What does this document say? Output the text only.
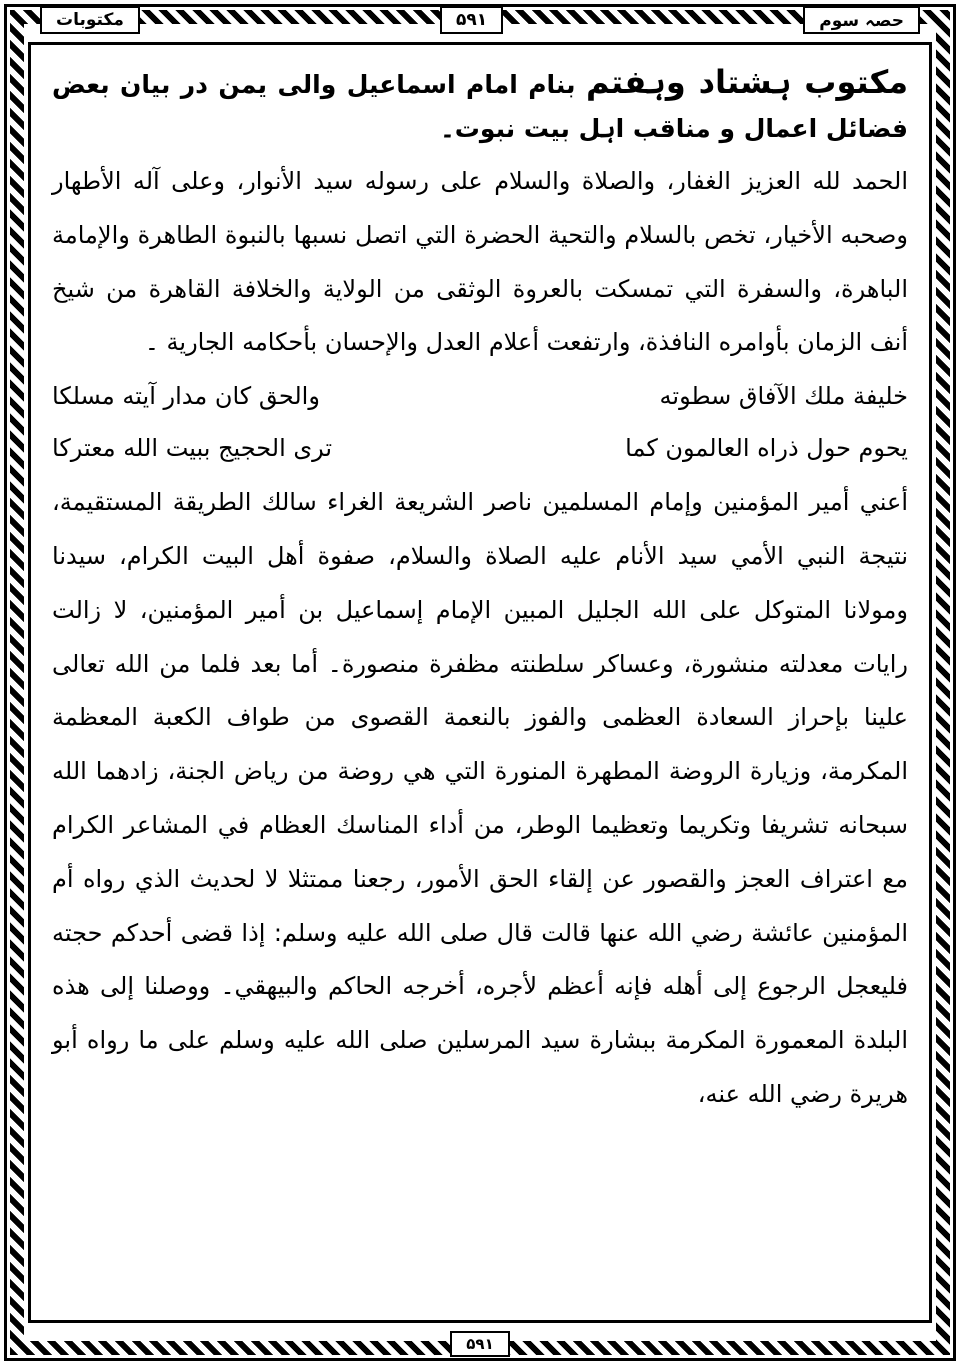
حصہ سوم
۵۹۱
مکتوبات

مکتوب ہشتاد وہفتم بنام امام اسماعیل والی یمن در بیان بعض فضائل اعمال و مناقب اہل بیت نبوت۔

الحمد لله العزيز الغفار، والصلاة والسلام على رسوله سيد الأنوار، وعلى آله الأطهار وصحبه الأخيار، تخص بالسلام والتحية الحضرة التي اتصل نسبها بالنبوة الطاهرة والإمامة الباهرة، والسفرة التي تمسكت بالعروة الوثقى من الولاية والخلافة القاهرة من شيخ أنف الزمان بأوامره النافذة، وارتفعت أعلام العدل والإحسان بأحكامه الجارية ۔

خليفة ملك الآفاق سطوته
والحق كان مدار آيته مسلكا
يحوم حول ذراه العالمون كما
ترى الحجيج ببيت الله معتركا

أعني أمير المؤمنين وإمام المسلمين ناصر الشريعة الغراء سالك الطريقة المستقيمة، نتيجة النبي الأمي سيد الأنام عليه الصلاة والسلام، صفوة أهل البيت الكرام، سيدنا ومولانا المتوكل على الله الجليل المبين الإمام إسماعيل بن أمير المؤمنين، لا زالت رايات معدلته منشورة، وعساكر سلطنته مظفرة منصورة۔ أما بعد فلما من الله تعالى علينا بإحراز السعادة العظمى والفوز بالنعمة القصوى من طواف الكعبة المعظمة المكرمة، وزيارة الروضة المطهرة المنورة التي هي روضة من رياض الجنة، زادهما الله سبحانه تشريفا وتكريما وتعظيما الوطر، من أداء المناسك العظام في المشاعر الكرام مع اعتراف العجز والقصور عن إلقاء الحق الأمور، رجعنا ممتثلا لا لحديث الذي رواه أم المؤمنين عائشة رضي الله عنها قالت قال صلى الله عليه وسلم: إذا قضى أحدكم حجته فليعجل الرجوع إلى أهله فإنه أعظم لأجره، أخرجه الحاكم والبيهقي۔ ووصلنا إلى هذه البلدة المعمورة المكرمة ببشارة سيد المرسلين صلى الله عليه وسلم على ما رواه أبو هريرة رضي الله عنه،

۵۹۱
